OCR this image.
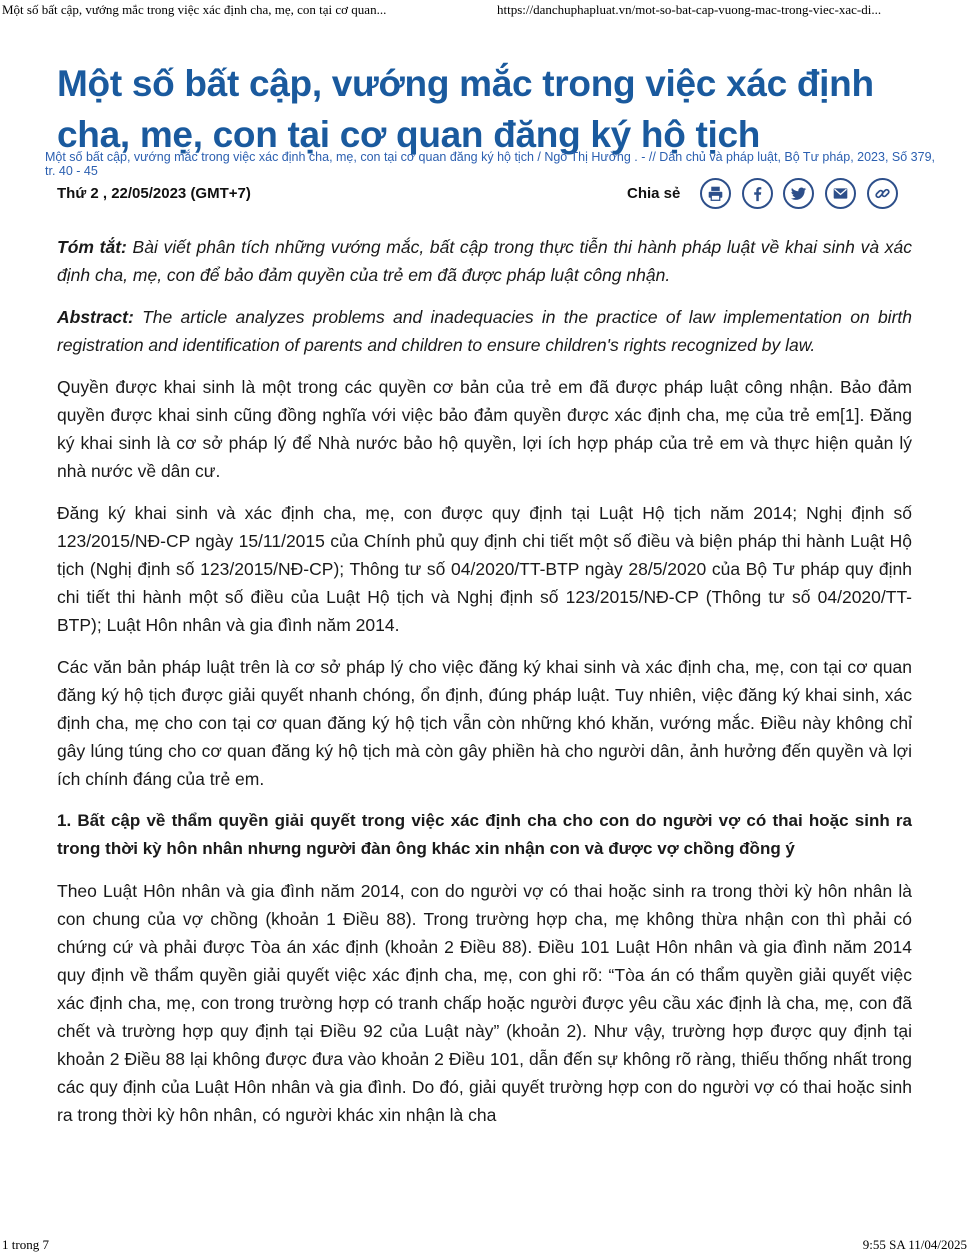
Một số bất cập, vướng mắc trong việc xác định cha, mẹ, con tại cơ quan...	https://danchuphapluat.vn/mot-so-bat-cap-vuong-mac-trong-viec-xac-di...
Một số bất cập, vướng mắc trong việc xác định cha, mẹ, con tại cơ quan đăng ký hộ tịch
Một số bất cập, vướng mắc trong việc xác định cha, mẹ, con tại cơ quan đăng ký hộ tịch / Ngô Thị Hường . - // Dân chủ và pháp luật, Bộ Tư pháp, 2023, Số 379, tr. 40 - 45
Thứ 2 , 22/05/2023 (GMT+7)	Chia sẻ

Tóm tắt: Bài viết phân tích những vướng mắc, bất cập trong thực tiễn thi hành pháp luật về khai sinh và xác định cha, mẹ, con để bảo đảm quyền của trẻ em đã được pháp luật công nhận.

Abstract: The article analyzes problems and inadequacies in the practice of law implementation on birth registration and identification of parents and children to ensure children's rights recognized by law.

Quyền được khai sinh là một trong các quyền cơ bản của trẻ em đã được pháp luật công nhận. Bảo đảm quyền được khai sinh cũng đồng nghĩa với việc bảo đảm quyền được xác định cha, mẹ của trẻ em[1]. Đăng ký khai sinh là cơ sở pháp lý để Nhà nước bảo hộ quyền, lợi ích hợp pháp của trẻ em và thực hiện quản lý nhà nước về dân cư.

Đăng ký khai sinh và xác định cha, mẹ, con được quy định tại Luật Hộ tịch năm 2014; Nghị định số 123/2015/NĐ-CP ngày 15/11/2015 của Chính phủ quy định chi tiết một số điều và biện pháp thi hành Luật Hộ tịch (Nghị định số 123/2015/NĐ-CP); Thông tư số 04/2020/TT-BTP ngày 28/5/2020 của Bộ Tư pháp quy định chi tiết thi hành một số điều của Luật Hộ tịch và Nghị định số 123/2015/NĐ-CP (Thông tư số 04/2020/TT-BTP); Luật Hôn nhân và gia đình năm 2014.

Các văn bản pháp luật trên là cơ sở pháp lý cho việc đăng ký khai sinh và xác định cha, mẹ, con tại cơ quan đăng ký hộ tịch được giải quyết nhanh chóng, ổn định, đúng pháp luật. Tuy nhiên, việc đăng ký khai sinh, xác định cha, mẹ cho con tại cơ quan đăng ký hộ tịch vẫn còn những khó khăn, vướng mắc. Điều này không chỉ gây lúng túng cho cơ quan đăng ký hộ tịch mà còn gây phiền hà cho người dân, ảnh hưởng đến quyền và lợi ích chính đáng của trẻ em.

1. Bất cập về thẩm quyền giải quyết trong việc xác định cha cho con do người vợ có thai hoặc sinh ra trong thời kỳ hôn nhân nhưng người đàn ông khác xin nhận con và được vợ chồng đồng ý

Theo Luật Hôn nhân và gia đình năm 2014, con do người vợ có thai hoặc sinh ra trong thời kỳ hôn nhân là con chung của vợ chồng (khoản 1 Điều 88). Trong trường hợp cha, mẹ không thừa nhận con thì phải có chứng cứ và phải được Tòa án xác định (khoản 2 Điều 88). Điều 101 Luật Hôn nhân và gia đình năm 2014 quy định về thẩm quyền giải quyết việc xác định cha, mẹ, con ghi rõ: “Tòa án có thẩm quyền giải quyết việc xác định cha, mẹ, con trong trường hợp có tranh chấp hoặc người được yêu cầu xác định là cha, mẹ, con đã chết và trường hợp quy định tại Điều 92 của Luật này” (khoản 2). Như vậy, trường hợp được quy định tại khoản 2 Điều 88 lại không được đưa vào khoản 2 Điều 101, dẫn đến sự không rõ ràng, thiếu thống nhất trong các quy định của Luật Hôn nhân và gia đình. Do đó, giải quyết trường hợp con do người vợ có thai hoặc sinh ra trong thời kỳ hôn nhân, có người khác xin nhận là cha

1 trong 7	9:55 SA 11/04/2025
